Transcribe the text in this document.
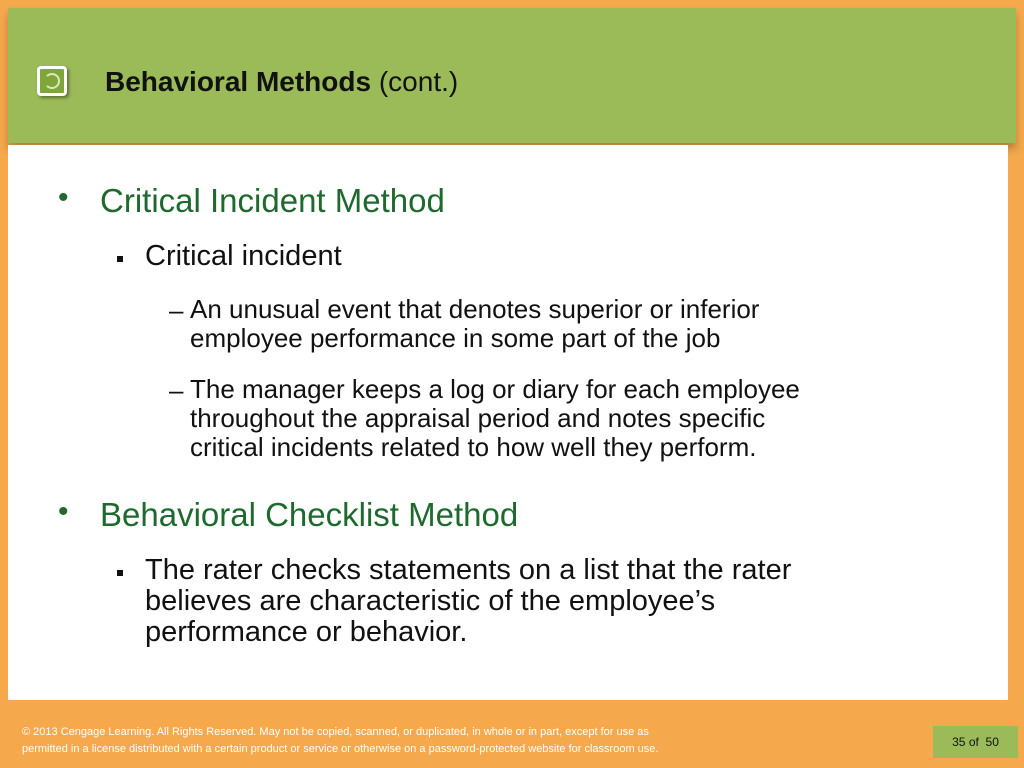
Behavioral Methods (cont.)
• Critical Incident Method
Critical incident
– An unusual event that denotes superior or inferior
employee performance in some part of the job
– The manager keeps a log or diary for each employee
throughout the appraisal period and notes specific
critical incidents related to how well they perform.
• Behavioral Checklist Method
The rater checks statements on a list that the rater
believes are characteristic of the employee’s
performance or behavior.
© 2013 Cengage Learning. All Rights Reserved. May not be copied, scanned, or duplicated, in whole or in part, except for use as
permitted in a license distributed with a certain product or service or otherwise on a password-protected website for classroom use.	35
of
50
